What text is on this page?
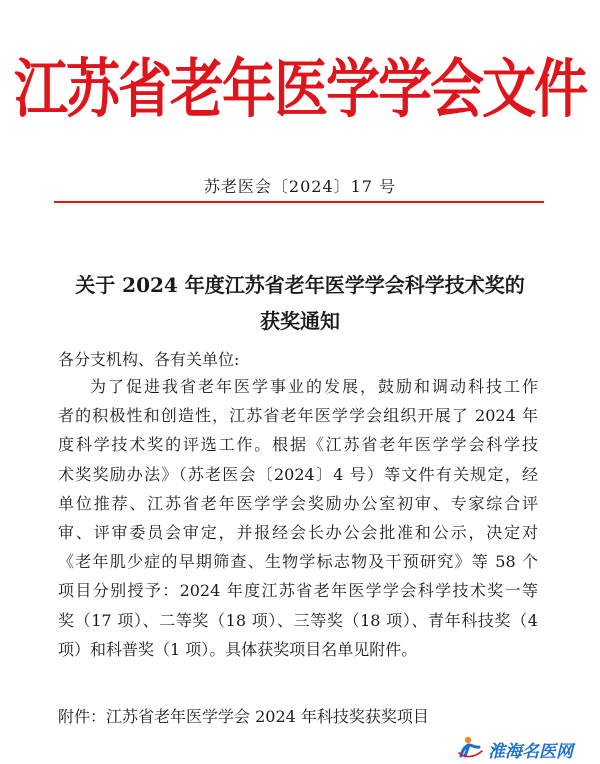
江苏省老年医学学会文件
苏老医会〔2024〕17 号
关于 2024 年度江苏省老年医学学会科学技术奖的
获奖通知
各分支机构、各有关单位:
为了促进我省老年医学事业的发展，鼓励和调动科技工作
者的积极性和创造性，江苏省老年医学学会组织开展了 2024 年
度科学技术奖的评选工作。根据《江苏省老年医学学会科学技
术奖奖励办法》（苏老医会〔2024〕4 号）等文件有关规定，经
单位推荐、江苏省老年医学学会奖励办公室初审、专家综合评
审、评审委员会审定，并报经会长办公会批准和公示，决定对
《老年肌少症的早期筛查、生物学标志物及干预研究》等 58 个
项目分别授予：2024 年度江苏省老年医学学会科学技术奖一等
奖（17 项）、二等奖（18 项）、三等奖（18 项）、青年科技奖（4
项）和科普奖（1 项）。具体获奖项目名单见附件。
附件：江苏省老年医学学会 2024 年科技奖获奖项目
淮海名医网
